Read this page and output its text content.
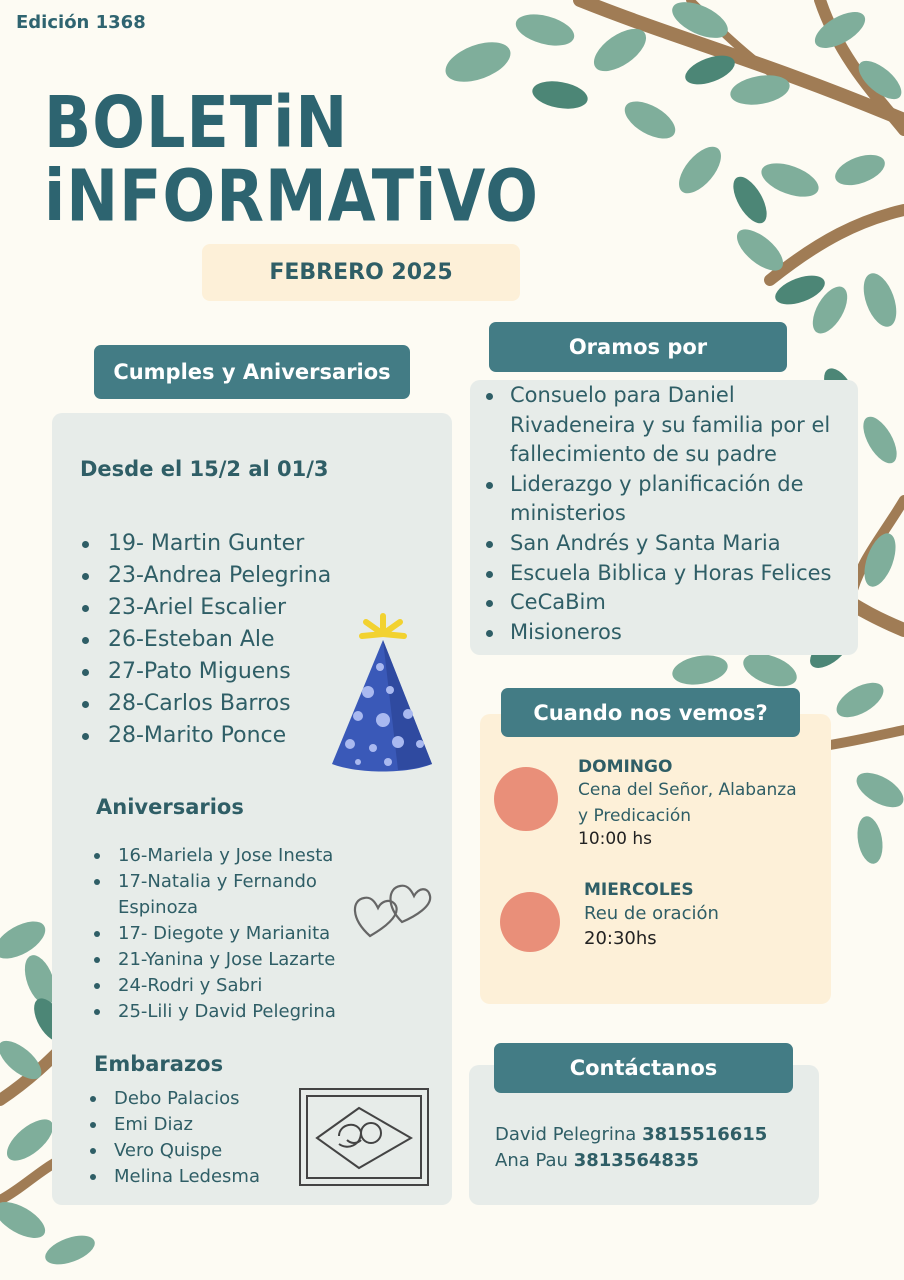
Edición 1368
BOLETiN
iNFORMATiVO
FEBRERO 2025
Cumples y Aniversarios
Desde el 15/2 al 01/3
19- Martin Gunter
23-Andrea Pelegrina
23-Ariel Escalier
26-Esteban Ale
27-Pato Miguens
28-Carlos Barros
28-Marito Ponce
Aniversarios
16-Mariela y Jose Inesta
17-Natalia y Fernando
Espinoza
17- Diegote y Marianita
21-Yanina y Jose Lazarte
24-Rodri y Sabri
25-Lili y David Pelegrina
Embarazos
Debo Palacios
Emi Diaz
Vero Quispe
Melina Ledesma
Oramos por
Consuelo para Daniel Rivadeneira y su familia por el fallecimiento de su padre
Liderazgo y planificación de ministerios
San Andrés y Santa Maria
Escuela Biblica y Horas Felices
CeCaBim
Misioneros
Cuando nos vemos?
DOMINGO
Cena del Señor, Alabanza
y Predicación
10:00 hs
MIERCOLES
Reu de oración
20:30hs
Contáctanos
David Pelegrina 3815516615
Ana Pau 3813564835
